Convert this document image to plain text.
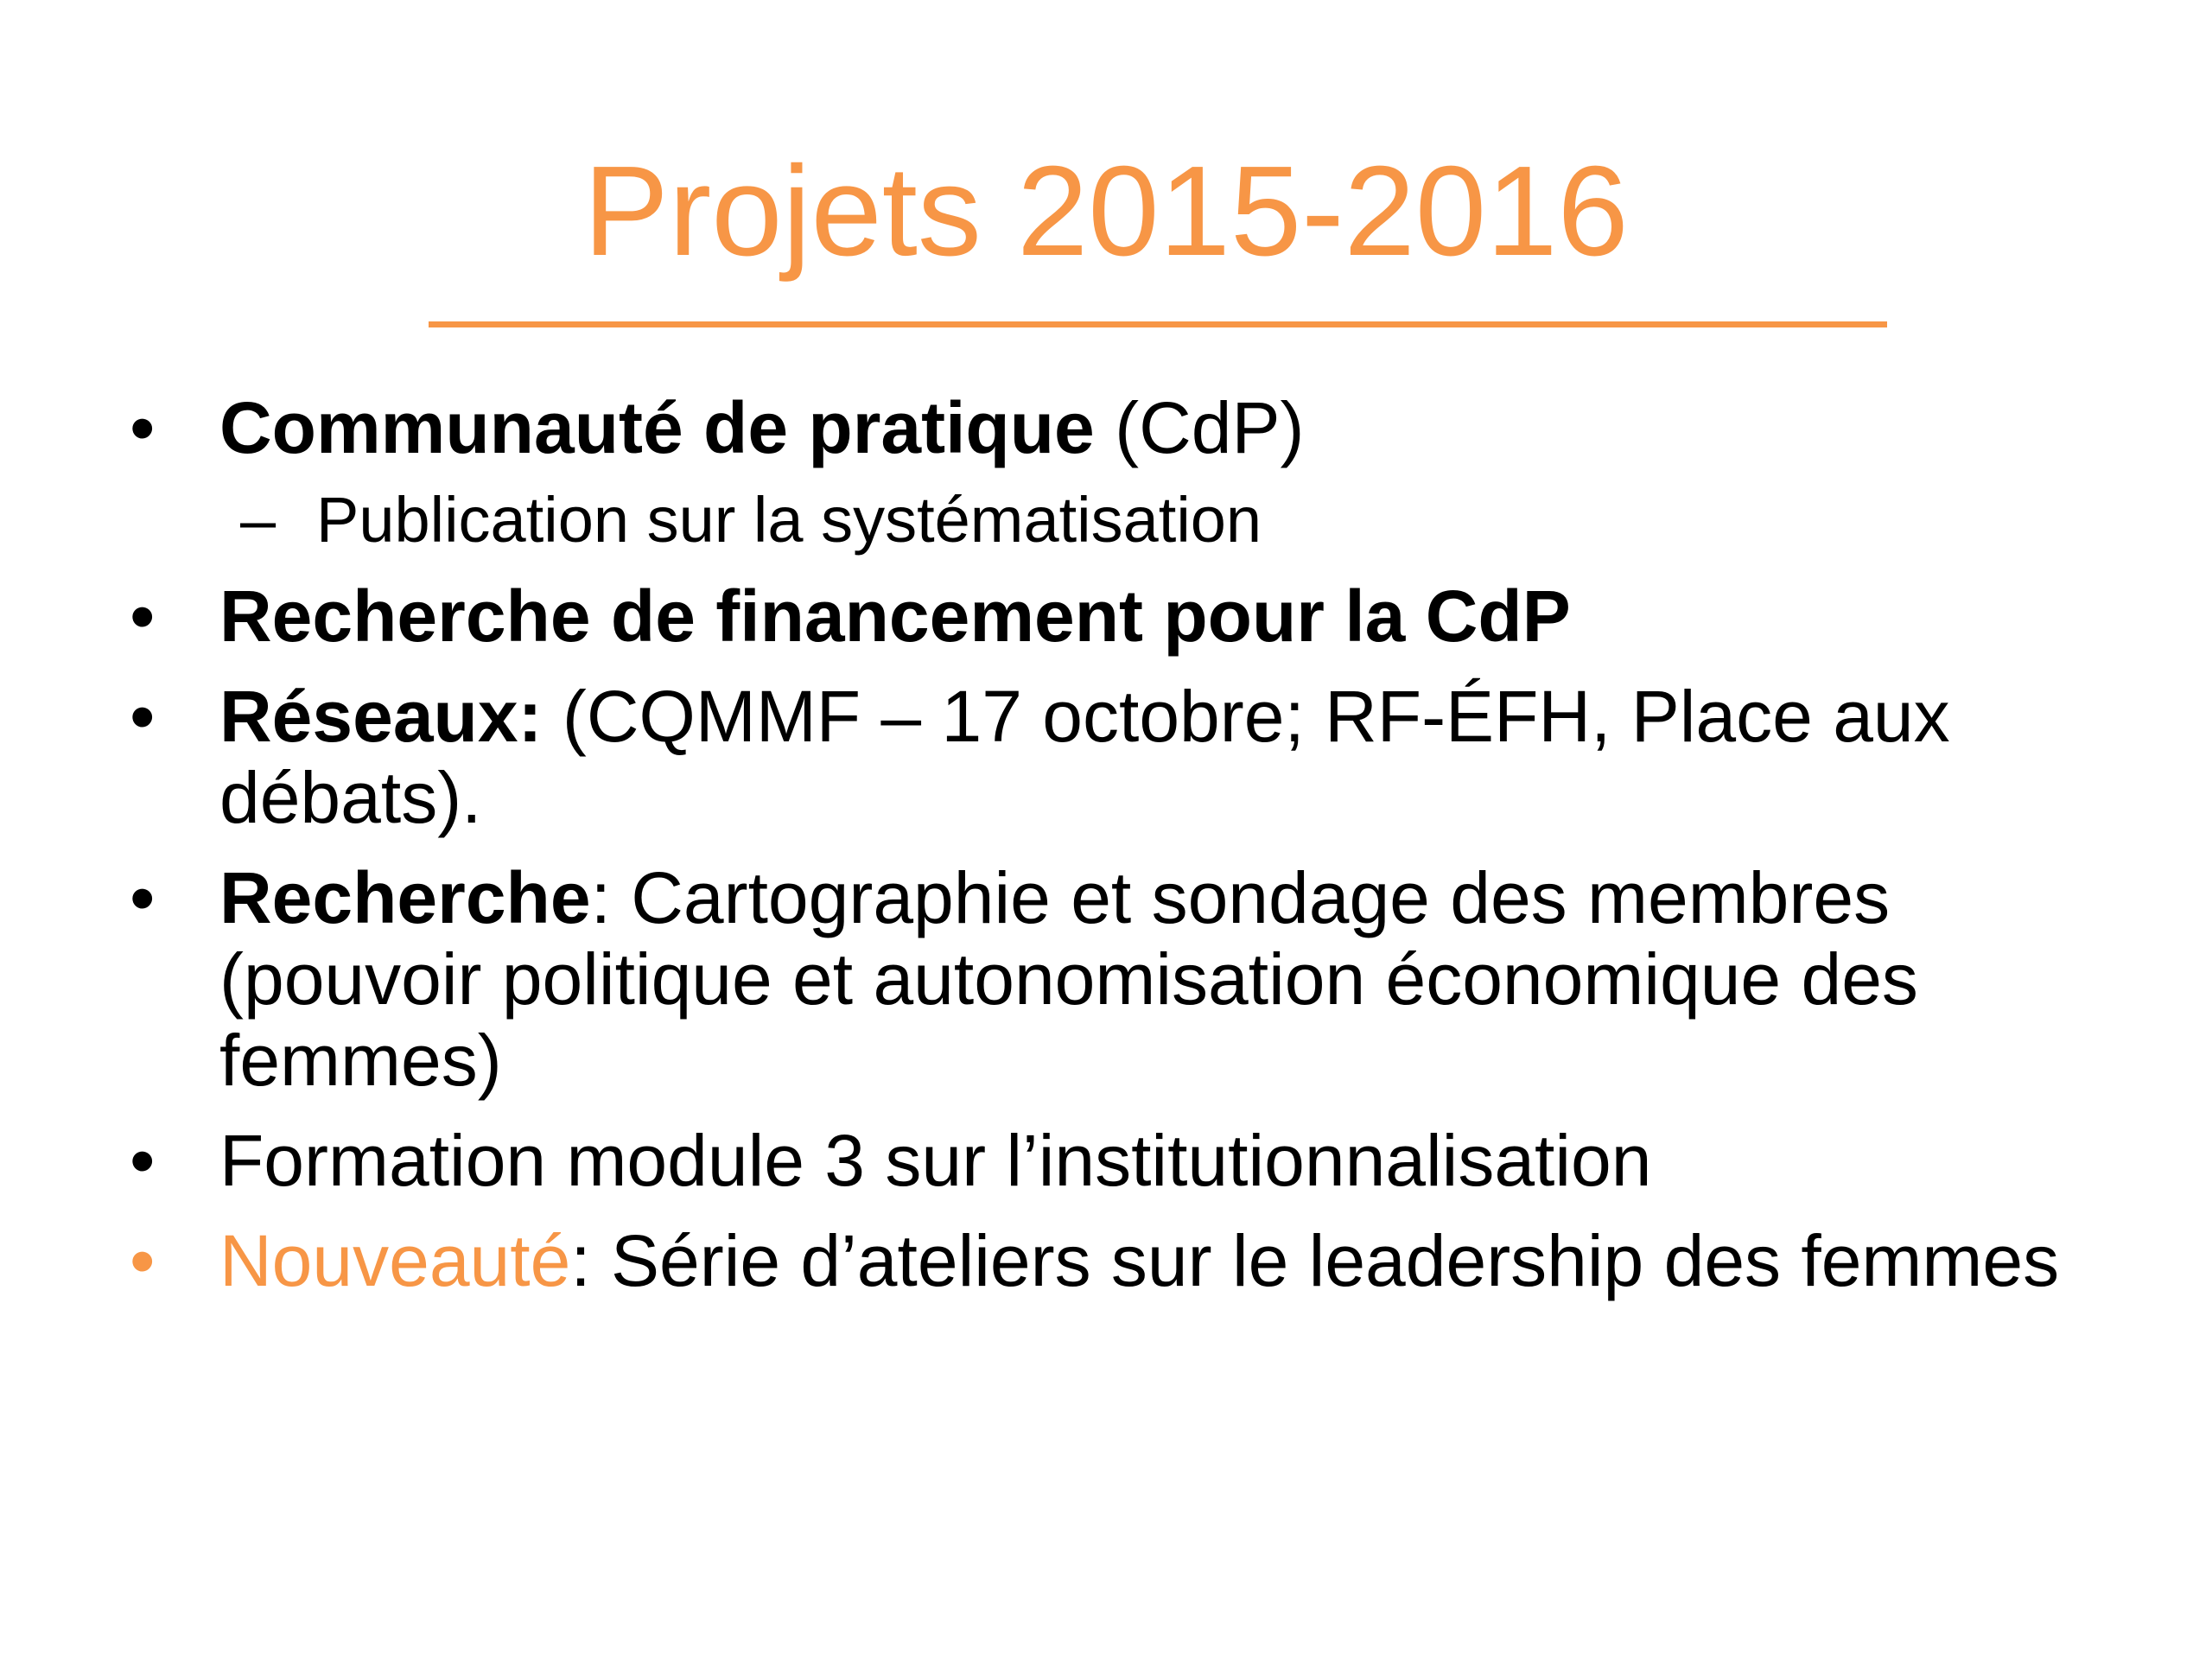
Projets 2015-2016
• Communauté de pratique (CdP)
– Publication sur la systématisation
• Recherche de financement pour la CdP
• Réseaux: (CQMMF – 17 octobre; RF-ÉFH, Place aux débats).
• Recherche: Cartographie et sondage des membres (pouvoir politique et autonomisation économique des femmes)
• Formation module 3 sur l’institutionnalisation
• Nouveauté: Série d’ateliers sur le leadership des femmes
